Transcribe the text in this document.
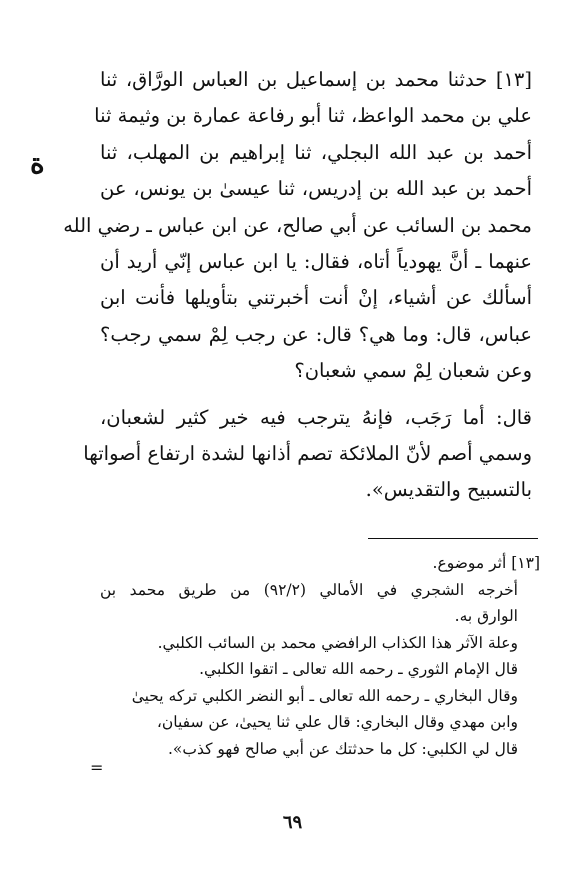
[١٣] حدثنا محمد بن إسماعيل بن العباس الورَّاق، ثنا
علي بن محمد الواعظ، ثنا أبو رفاعة عمارة بن وثيمة ثنا
أحمد بن عبد الله البجلي، ثنا إبراهيم بن المهلب، ثنا
أحمد بن عبد الله بن إدريس، ثنا عيسىٰ بن يونس، عن
محمد بن السائب عن أبي صالح، عن ابن عباس ـ رضي الله
عنهما ـ أنَّ يهودياً أتاه، فقال: يا ابن عباس إنّي أريد أن
أسألك عن أشياء، إنْ أنت أخبرتني بتأويلها فأنت ابن
عباس، قال: وما هي؟ قال: عن رجب لِمْ سمي رجب؟
وعن شعبان لِمْ سمي شعبان؟
قال: أما رَجَب، فإنهُ يترجب فيه خير كثير لشعبان،
وسمي أصم لأنّ الملائكة تصم أذانها لشدة ارتفاع أصواتها
بالتسبيح والتقديس».
ة
[١٣] أثر موضوع.
أخرجه الشجري في الأمالي (٩٢/٢) من طريق محمد بن
الوارق به.
وعلة الآثر هذا الكذاب الرافضي محمد بن السائب الكلبي.
قال الإمام الثوري ـ رحمه الله تعالى ـ اتقوا الكلبي.
وقال البخاري ـ رحمه الله تعالى ـ أبو النضر الكلبي تركه يحيىٰ
وابن مهدي وقال البخاري: قال علي ثنا يحيىٰ، عن سفيان،
قال لي الكلبي: كل ما حدثتك عن أبي صالح فهو كذب».
=
٦٩
